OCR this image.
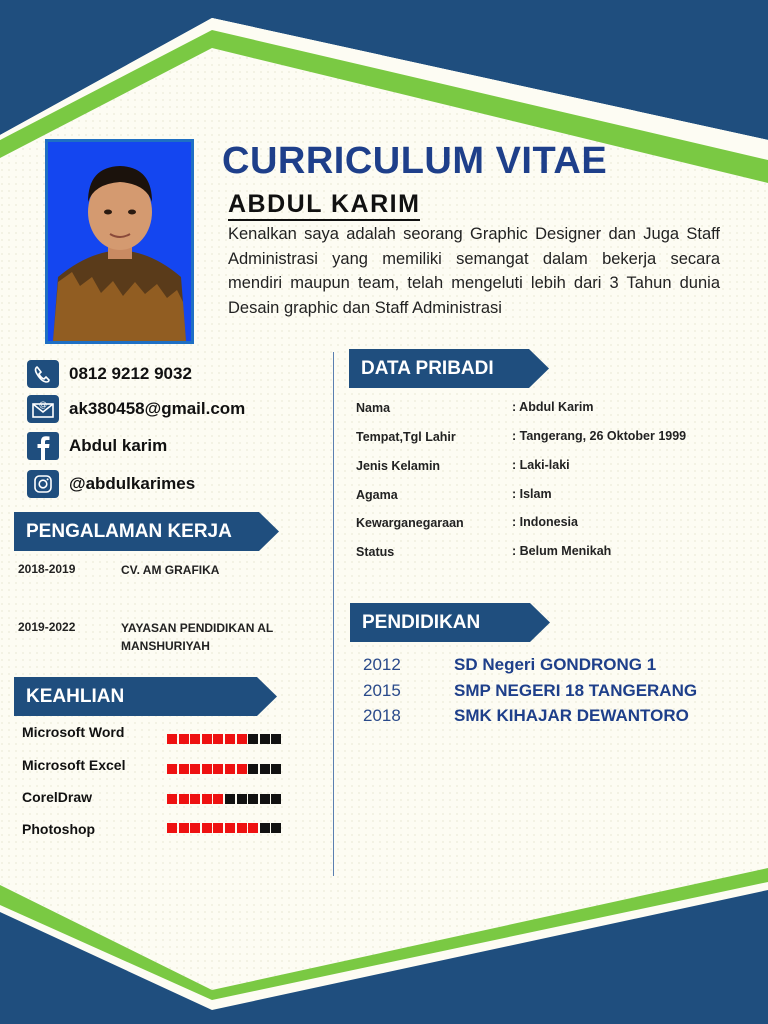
CURRICULUM VITAE
ABDUL KARIM
Kenalkan saya adalah seorang Graphic Designer dan Juga Staff Administrasi yang memiliki semangat dalam bekerja secara mendiri maupun team, telah mengeluti lebih dari 3 Tahun dunia Desain graphic dan Staff Administrasi
0812 9212 9032
@ ak380458@gmail.com
Abdul karim
@abdulkarimes
PENGALAMAN KERJA
2018-2019	CV. AM GRAFIKA
2019-2022	YAYASAN PENDIDIKAN AL MANSHURIYAH
KEAHLIAN
Microsoft Word
Microsoft Excel
CorelDraw
Photoshop
DATA PRIBADI
Nama	: Abdul Karim
Tempat,Tgl Lahir	: Tangerang, 26 Oktober 1999
Jenis Kelamin	: Laki-laki
Agama	: Islam
Kewarganegaraan	: Indonesia
Status	: Belum Menikah
PENDIDIKAN
2012	SD Negeri GONDRONG 1
2015	SMP NEGERI 18 TANGERANG
2018	SMK KIHAJAR DEWANTORO
